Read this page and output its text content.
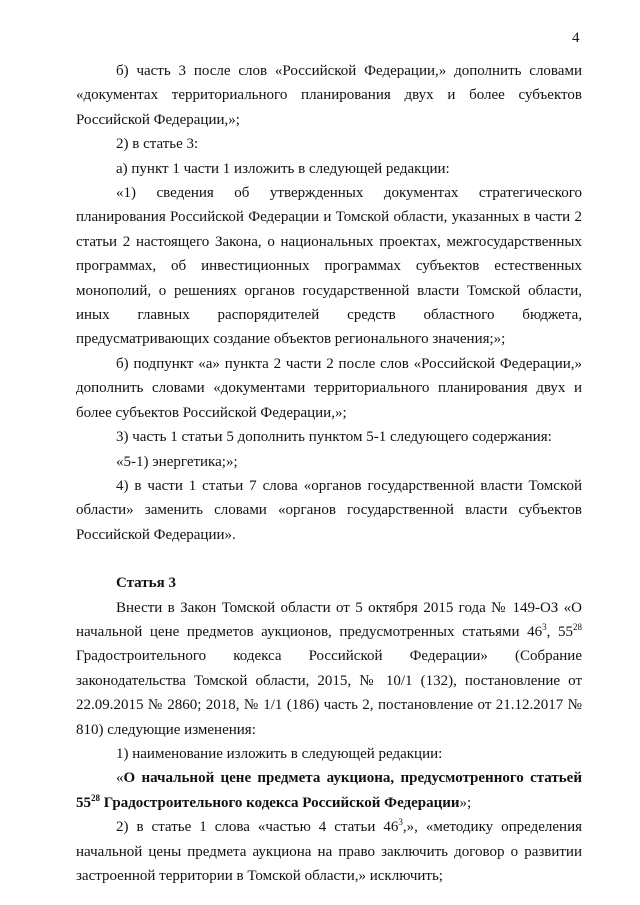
4

б) часть 3 после слов «Российской Федерации,» дополнить словами «документах территориального планирования двух и более субъектов Российской Федерации,»;

2) в статье 3:

а) пункт 1 части 1 изложить в следующей редакции:

«1) сведения об утвержденных документах стратегического планирования Российской Федерации и Томской области, указанных в части 2 статьи 2 настоящего Закона, о национальных проектах, межгосударственных программах, об инвестиционных программах субъектов естественных монополий, о решениях органов государственной власти Томской области, иных главных распорядителей средств областного бюджета, предусматривающих создание объектов регионального значения;»;

б) подпункт «а» пункта 2 части 2 после слов «Российской Федерации,» дополнить словами «документами территориального планирования двух и более субъектов Российской Федерации,»;

3) часть 1 статьи 5 дополнить пунктом 5-1 следующего содержания:

«5-1) энергетика;»;

4) в части 1 статьи 7 слова «органов государственной власти Томской области» заменить словами «органов государственной власти субъектов Российской Федерации».

Статья 3

Внести в Закон Томской области от 5 октября 2015 года № 149-ОЗ «О начальной цене предметов аукционов, предусмотренных статьями $46^3$, $55^{28}$ Градостроительного кодекса Российской Федерации» (Собрание законодательства Томской области, 2015, № 10/1 (132), постановление от 22.09.2015 № 2860; 2018, № 1/1 (186) часть 2, постановление от 21.12.2017 № 810) следующие изменения:

1) наименование изложить в следующей редакции:

«О начальной цене предмета аукциона, предусмотренного статьей $55^{28}$ Градостроительного кодекса Российской Федерации»;

2) в статье 1 слова «частью 4 статьи $46^3$,», «методику определения начальной цены предмета аукциона на право заключить договор о развитии застроенной территории в Томской области,» исключить;
